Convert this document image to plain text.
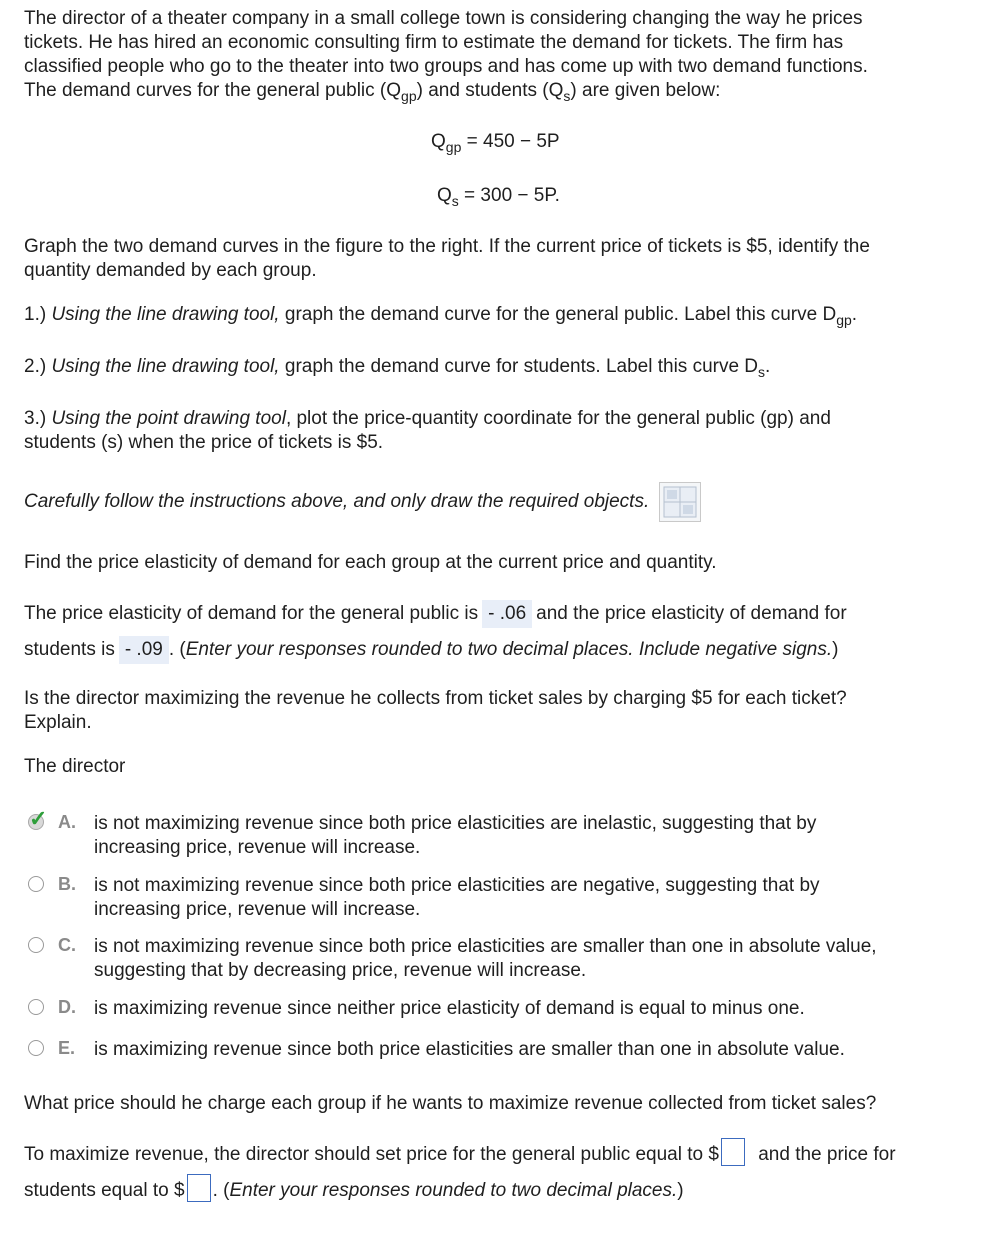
The director of a theater company in a small college town is considering changing the way he prices
tickets. He has hired an economic consulting firm to estimate the demand for tickets. The firm has
classified people who go to the theater into two groups and has come up with two demand functions.
The demand curves for the general public $(Q_{gp})$ and students $(Q_s)$ are given below:
$Q_{gp} = 450 - 5P$
$Q_s = 300 - 5P$.
Graph the two demand curves in the figure to the right. If the current price of tickets is $5, identify the
quantity demanded by each group.
1.) Using the line drawing tool, graph the demand curve for the general public. Label this curve $D_{gp}$.
2.) Using the line drawing tool, graph the demand curve for students. Label this curve $D_s$.
3.) Using the point drawing tool, plot the price-quantity coordinate for the general public (gp) and
students (s) when the price of tickets is $5.
Carefully follow the instructions above, and only draw the required objects.
Find the price elasticity of demand for each group at the current price and quantity.
The price elasticity of demand for the general public is - .06 and the price elasticity of demand for
students is - .09 . (Enter your responses rounded to two decimal places. Include negative signs.)
Is the director maximizing the revenue he collects from ticket sales by charging $5 for each ticket?
Explain.
The director
✓ A. is not maximizing revenue since both price elasticities are inelastic, suggesting that by
increasing price, revenue will increase.
B. is not maximizing revenue since both price elasticities are negative, suggesting that by
increasing price, revenue will increase.
C. is not maximizing revenue since both price elasticities are smaller than one in absolute value,
suggesting that by decreasing price, revenue will increase.
D. is maximizing revenue since neither price elasticity of demand is equal to minus one.
E. is maximizing revenue since both price elasticities are smaller than one in absolute value.
What price should he charge each group if he wants to maximize revenue collected from ticket sales?
To maximize revenue, the director should set price for the general public equal to $ and the price for
students equal to $ . (Enter your responses rounded to two decimal places.)
